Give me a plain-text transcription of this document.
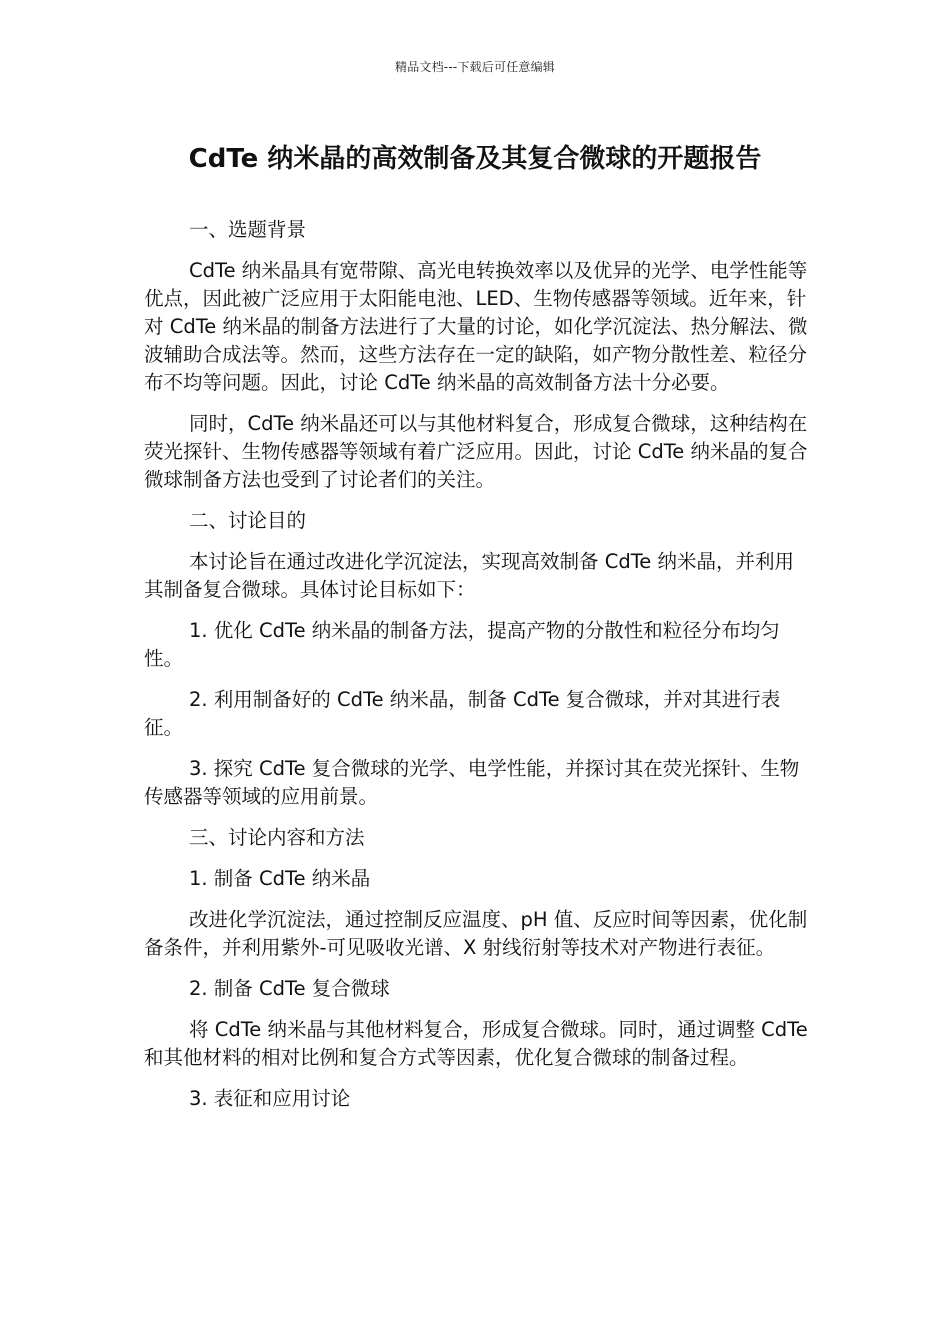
精品文档---下载后可任意编辑
CdTe 纳米晶的高效制备及其复合微球的开题报告

一、选题背景

CdTe 纳米晶具有宽带隙、高光电转换效率以及优异的光学、电学性能等优点，因此被广泛应用于太阳能电池、LED、生物传感器等领域。近年来，针对 CdTe 纳米晶的制备方法进行了大量的讨论，如化学沉淀法、热分解法、微波辅助合成法等。然而，这些方法存在一定的缺陷，如产物分散性差、粒径分布不均等问题。因此，讨论 CdTe 纳米晶的高效制备方法十分必要。

同时，CdTe 纳米晶还可以与其他材料复合，形成复合微球，这种结构在荧光探针、生物传感器等领域有着广泛应用。因此，讨论 CdTe 纳米晶的复合微球制备方法也受到了讨论者们的关注。

二、讨论目的

本讨论旨在通过改进化学沉淀法，实现高效制备 CdTe 纳米晶，并利用其制备复合微球。具体讨论目标如下：

1. 优化 CdTe 纳米晶的制备方法，提高产物的分散性和粒径分布均匀性。

2. 利用制备好的 CdTe 纳米晶，制备 CdTe 复合微球，并对其进行表征。

3. 探究 CdTe 复合微球的光学、电学性能，并探讨其在荧光探针、生物传感器等领域的应用前景。

三、讨论内容和方法

1. 制备 CdTe 纳米晶

改进化学沉淀法，通过控制反应温度、pH 值、反应时间等因素，优化制备条件，并利用紫外-可见吸收光谱、X 射线衍射等技术对产物进行表征。

2. 制备 CdTe 复合微球

将 CdTe 纳米晶与其他材料复合，形成复合微球。同时，通过调整 CdTe 和其他材料的相对比例和复合方式等因素，优化复合微球的制备过程。

3. 表征和应用讨论
